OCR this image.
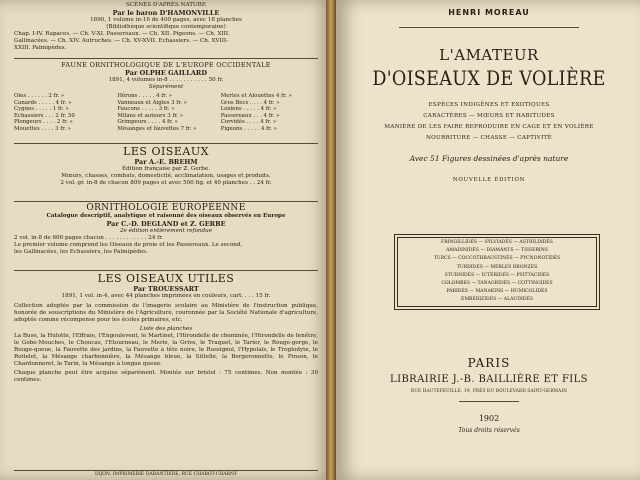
SCÈNES D'APRÈS NATURE
Par le baron D'HAMONVILLE
1890, 1 volume in-16 de 400 pages, avec 18 planches
(Bibliothèque scientifique contemporaine)
Chap. I-IV. Rapaces. — Ch. V-XI. Passereaux. — Ch. XII. Pigeons. — Ch. XIII.
Gallinacées. — Ch. XIV. Autruches. — Ch. XV-XVII. Echassiers. — Ch. XVIII-
XXIII. Palmipèdes.
FAUNE ORNITHOLOGIQUE DE L'EUROPE OCCIDENTALE
Par OLPHE GAILLARD
1891, 4 volumes in-8 . . . . . . . . . . . 50 fr.
Séparément
Oies . . . . . . 2 fr. »
Canards . . . . . 4 fr. »
Cygnes . . . . . 1 fr. »
Echassiers . . . 2 fr. 50
Plongeurs . . . . 2 fr. »
Mouettes . . . . 3 fr. »
Hérons . . . . . 4 fr. »
Vanneaux et Aigles 3 fr. »
Faucons . . . . . 3 fr. »
Milans et autours 3 fr. »
Grimpeurs . . . . 4 fr. »
Mésanges et fauvettes 7 fr. »
Merles et Alouettes 4 fr. »
Gros Becs . . . . 4 fr. »
Loxiens . . . . . 4 fr. »
Passereaux . . . 4 fr. »
Corvidés . . . . 4 fr. »
Pigeons . . . . . 4 fr. »
LES OISEAUX
Par A.-E. BREHM
Édition française par Z. Gerbe.
Mœurs, chasses, combats, domesticité, acclimatation, usages et produits.
2 vol. gr. in-8 de chacun 800 pages et avec 500 fig. et 40 planches . . 24 fr.
ORNITHOLOGIE EUROPÉENNE
Catalogue descriptif, analytique et raisonné des oiseaux observés en Europe
Par C.-D. DEGLAND et Z. GERBE
2e édition entièrement refondue
2 vol. in-8 de 600 pages chacun . . . . . . . . . . . . 24 fr.
Le premier volume comprend les Oiseaux de proie et les Passereaux. Le second,
les Gallinacées, les Echassiers, les Palmipèdes.
LES OISEAUX UTILES
Par TROUESSART
1891, 1 vol. in-4, avec 44 planches imprimées en couleurs, cart. . . . 15 fr.
Collection adoptée par la commission de l'imagerie scolaire au Ministère de l'instruction publique, honorée de souscriptions du Ministère de l'Agriculture, couronnée par la Société Nationale d'agriculture, adoptée comme récompense pour les écoles primaires, etc.
Liste des planches
La Buse, la Hulotte, l'Effraie, l'Engoulevent, le Martinet, l'Hirondelle de cheminée, l'Hirondelle de fenêtre, le Gobe-Mouches, le Choucas, l'Etourneau, le Merle, la Grive, le Traquet, le Tarier, le Rouge-gorge, le Rouge-queue, la Fauvette des jardins, la Fauvette à tête noire, le Rossignol, l'Hypolaïs, le Troglodyte, le Roitelet, la Mésange charbonnière, la Mésange bleue, la Sittelle, la Bergeronnette, le Pinson, le Chardonneret, le Tarin, la Mésange à longue queue.
Chaque planche peut être acquise séparément. Montée sur bristol : 75 centimes. Non montée : 30 centimes.
DIJON. IMPRIMERIE DARANTIERE, RUE CHABOT-CHARNY
HENRI MOREAU
L'AMATEUR
D'OISEAUX DE VOLIÈRE
ESPÈCES INDIGÈNES ET EXOTIQUES
CARACTÈRES — MŒURS ET HABITUDES
MANIÈRE DE LES FAIRE REPRODUIRE EN CAGE ET EN VOLIÈRE
NOURRITURE — CHASSE — CAPTIVITÉ
Avec 51 Figures dessinées d'après nature
NOUVELLE ÉDITION
FRINGILLIDÉS — SYLVIADÉS — ASTRILDIDÉS
AMADINIDÉS — DIAMANTS — TISSERINS
TURCS — COCCOTHRAUSTINÉS — PYCNONOTIDÉS
TURDIDÉS — MERLES BRONZÉS
STURNIDÉS — ICTÉRIDÉS — PSITTACIDÉS
COLOMBES — TANAGRIDÉS — COTTINGIDÉS
PARIDÉS — MANAKINS — HUMICOLIDÉS
EMBÉRIZIDÉS — ALAUDIDÉS
PARIS
LIBRAIRIE J.-B. BAILLIÈRE ET FILS
RUE HAUTEFEUILLE, 19, PRÈS DU BOULEVARD SAINT-GERMAIN
1902
Tous droits réservés
